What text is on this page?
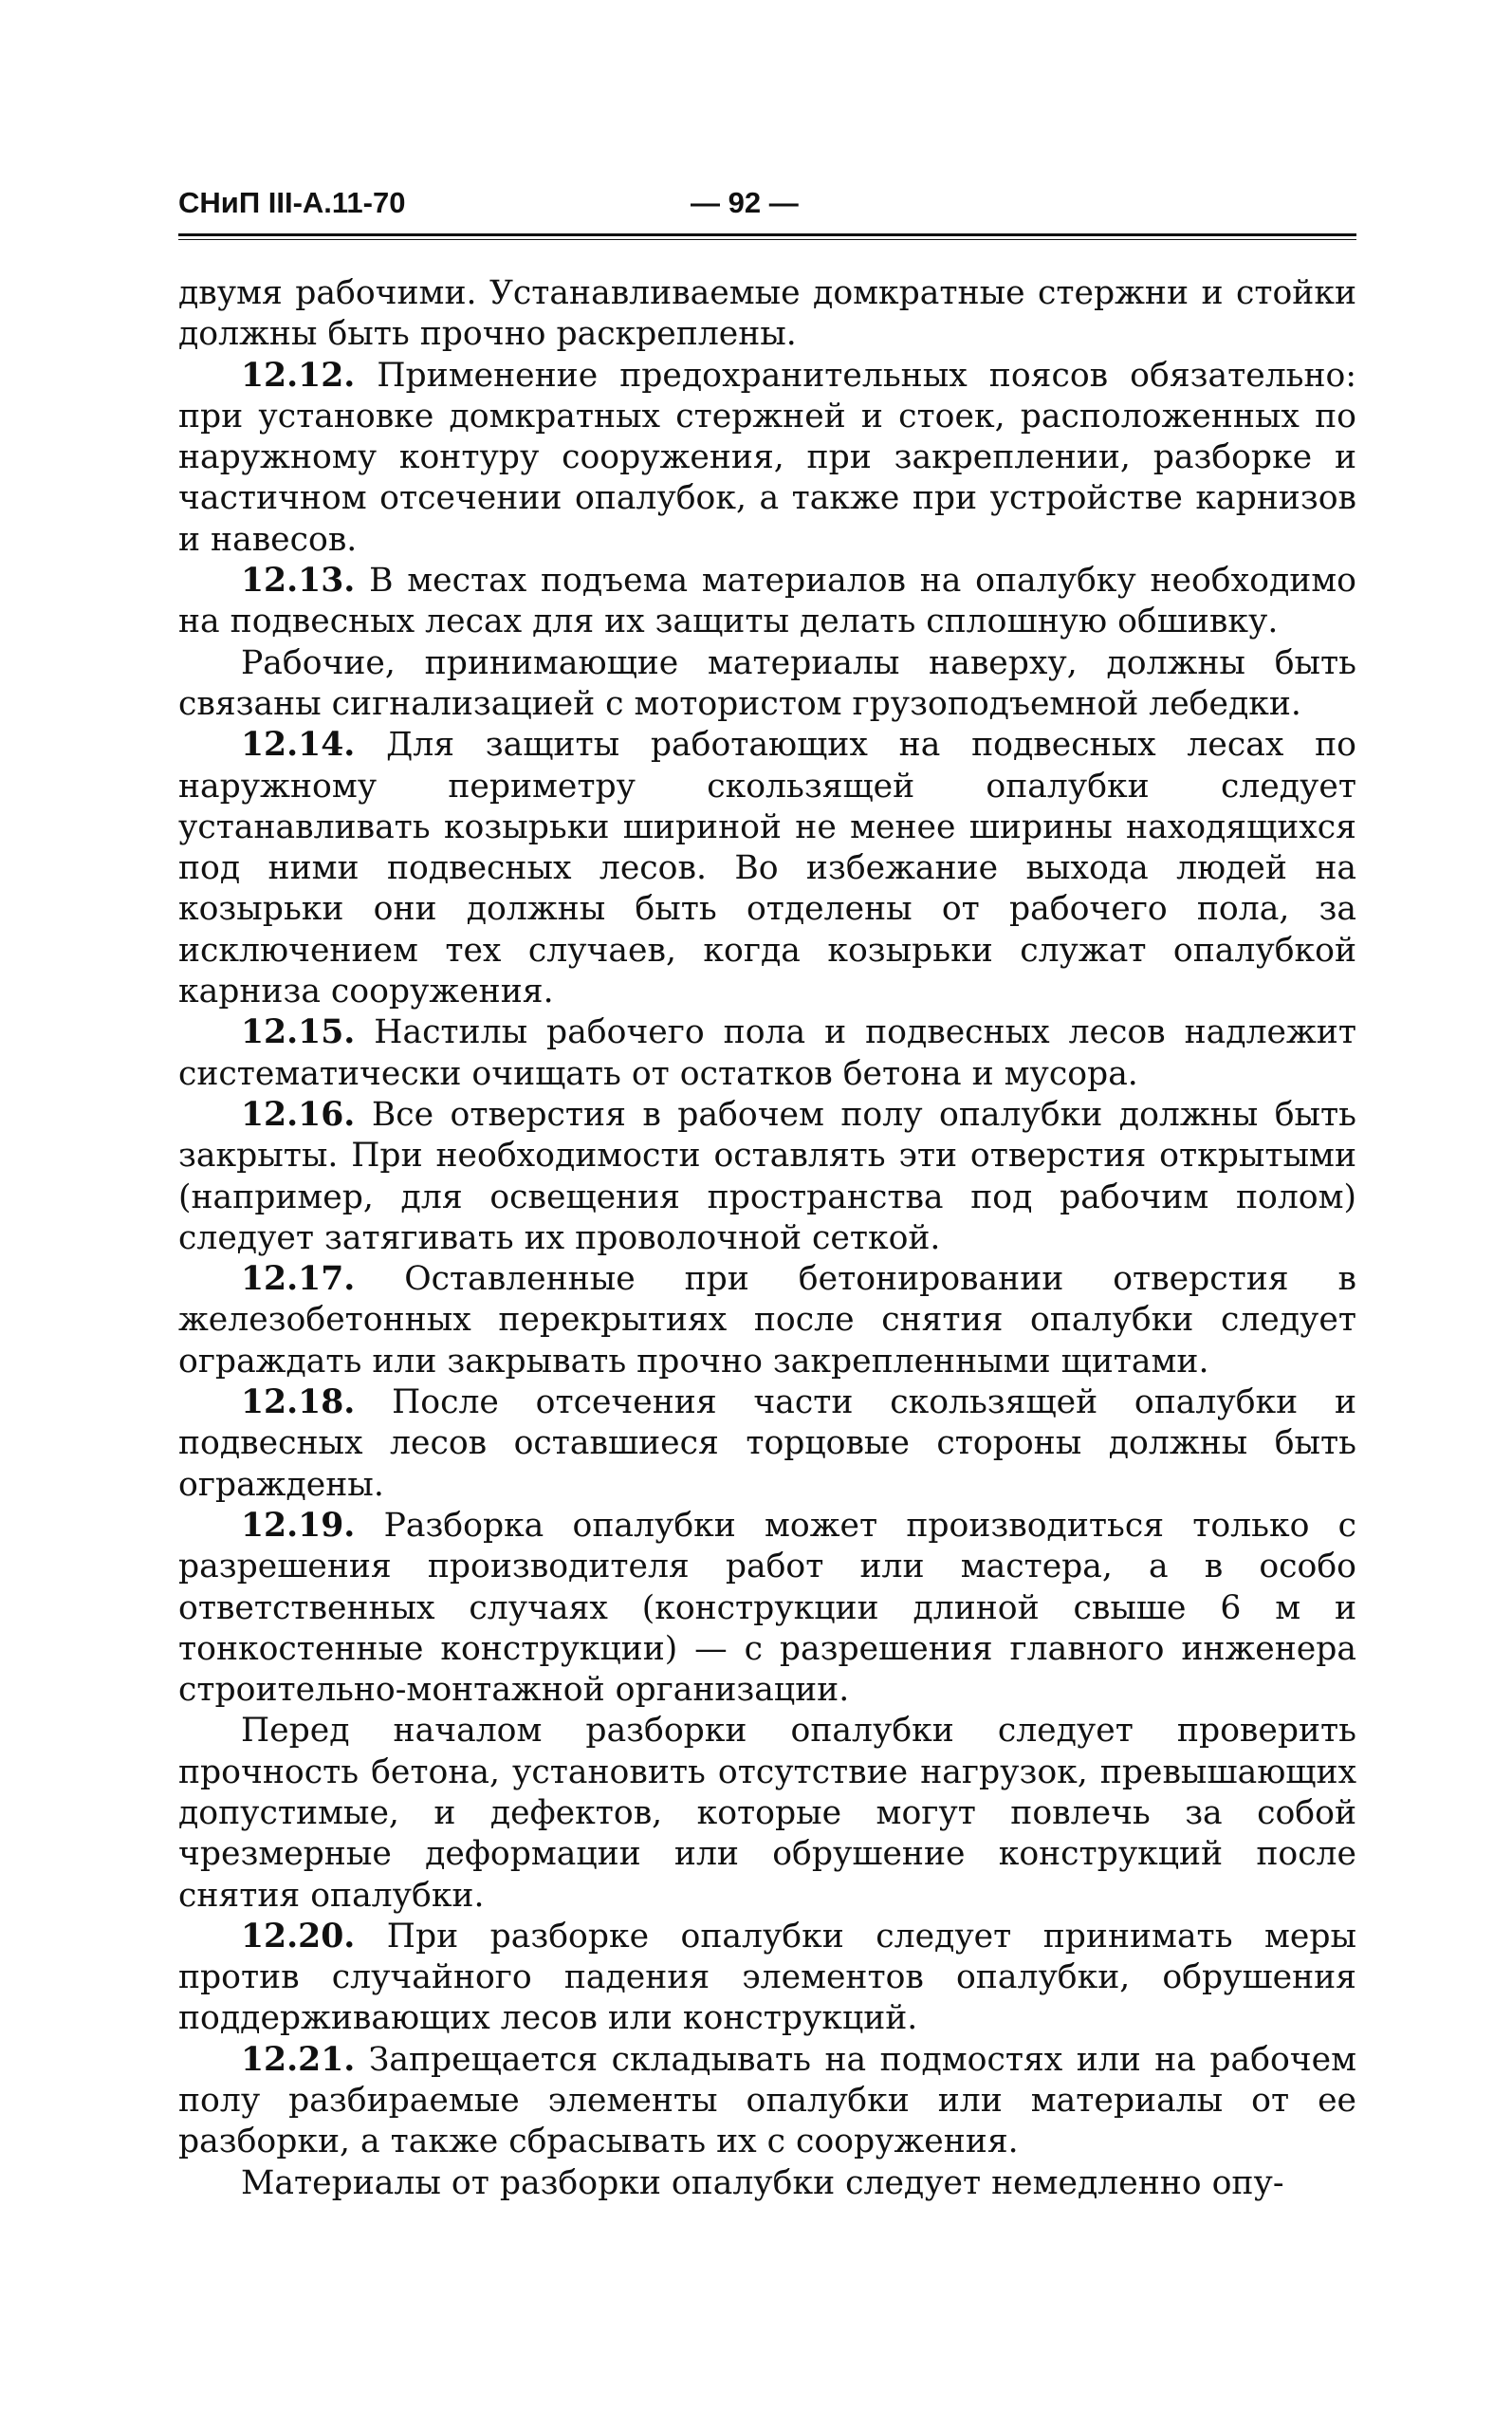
СНиП III-А.11-70	— 92 —

двумя рабочими. Устанавливаемые домкратные стержни и стойки должны быть прочно раскреплены.

12.12. Применение предохранительных поясов обязательно: при установке домкратных стержней и стоек, расположенных по наружному контуру сооружения, при закреплении, разборке и частичном отсечении опалубок, а также при устройстве карнизов и навесов.

12.13. В местах подъема материалов на опалубку необходимо на подвесных лесах для их защиты делать сплошную обшивку.

Рабочие, принимающие материалы наверху, должны быть связаны сигнализацией с мотористом грузоподъемной лебедки.

12.14. Для защиты работающих на подвесных лесах по наружному периметру скользящей опалубки следует устанавливать козырьки шириной не менее ширины находящихся под ними подвесных лесов. Во избежание выхода людей на козырьки они должны быть отделены от рабочего пола, за исключением тех случаев, когда козырьки служат опалубкой карниза сооружения.

12.15. Настилы рабочего пола и подвесных лесов надлежит систематически очищать от остатков бетона и мусора.

12.16. Все отверстия в рабочем полу опалубки должны быть закрыты. При необходимости оставлять эти отверстия открытыми (например, для освещения пространства под рабочим полом) следует затягивать их проволочной сеткой.

12.17. Оставленные при бетонировании отверстия в железобетонных перекрытиях после снятия опалубки следует ограждать или закрывать прочно закрепленными щитами.

12.18. После отсечения части скользящей опалубки и подвесных лесов оставшиеся торцовые стороны должны быть ограждены.

12.19. Разборка опалубки может производиться только с разрешения производителя работ или мастера, а в особо ответственных случаях (конструкции длиной свыше 6 м и тонкостенные конструкции) — с разрешения главного инженера строительно-монтажной организации.

Перед началом разборки опалубки следует проверить прочность бетона, установить отсутствие нагрузок, превышающих допустимые, и дефектов, которые могут повлечь за собой чрезмерные деформации или обрушение конструкций после снятия опалубки.

12.20. При разборке опалубки следует принимать меры против случайного падения элементов опалубки, обрушения поддерживающих лесов или конструкций.

12.21. Запрещается складывать на подмостях или на рабочем полу разбираемые элементы опалубки или материалы от ее разборки, а также сбрасывать их с сооружения.

Материалы от разборки опалубки следует немедленно опу-
